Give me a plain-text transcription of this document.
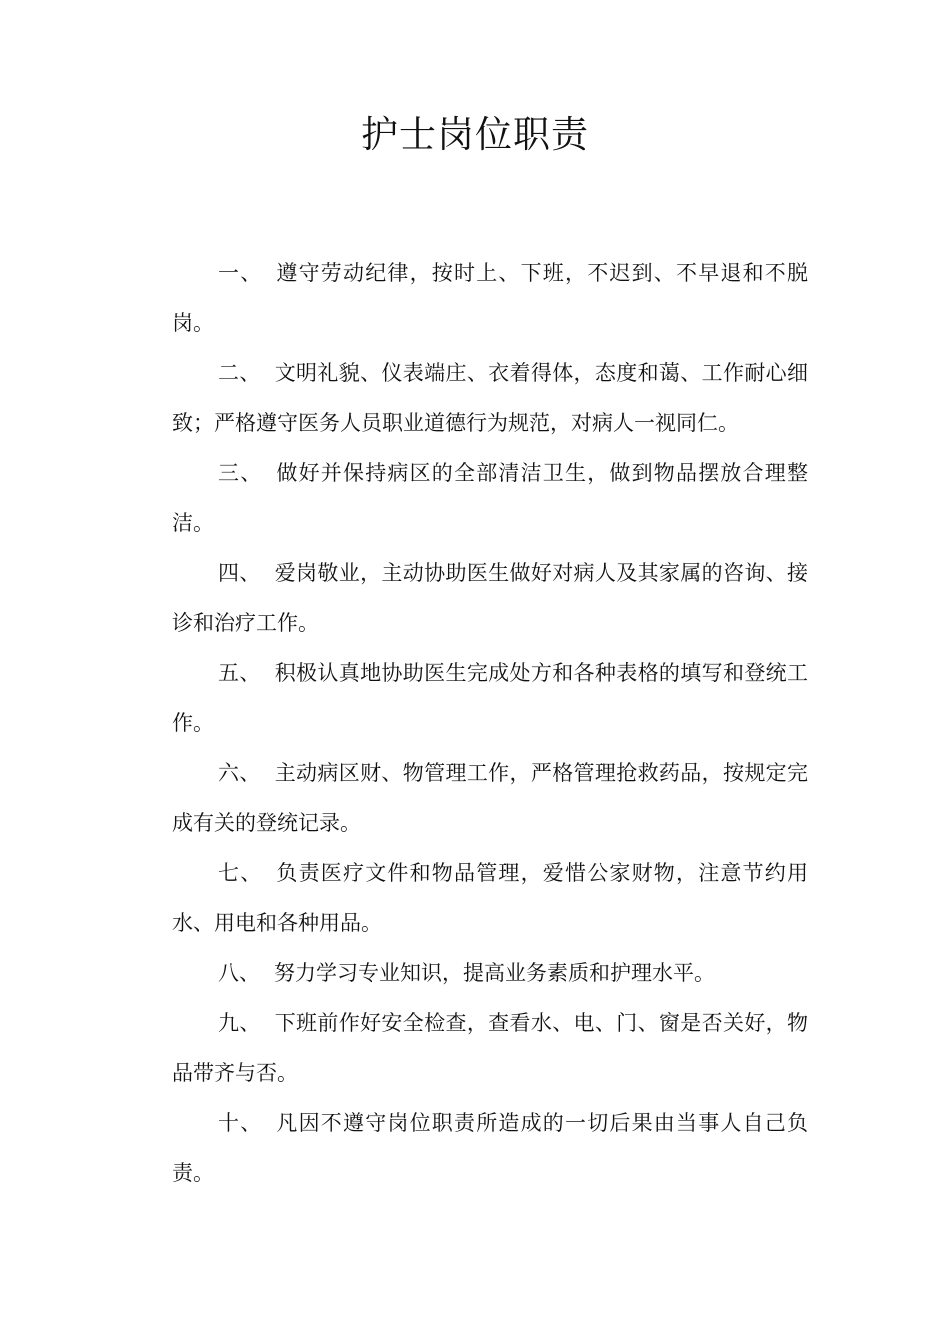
护士岗位职责

一、 遵守劳动纪律，按时上、下班，不迟到、不早退和不脱岗。

二、 文明礼貌、仪表端庄、衣着得体，态度和蔼、工作耐心细致；严格遵守医务人员职业道德行为规范，对病人一视同仁。

三、 做好并保持病区的全部清洁卫生，做到物品摆放合理整洁。

四、 爱岗敬业，主动协助医生做好对病人及其家属的咨询、接诊和治疗工作。

五、 积极认真地协助医生完成处方和各种表格的填写和登统工作。

六、 主动病区财、物管理工作，严格管理抢救药品，按规定完成有关的登统记录。

七、 负责医疗文件和物品管理，爱惜公家财物，注意节约用水、用电和各种用品。

八、 努力学习专业知识，提高业务素质和护理水平。

九、 下班前作好安全检查，查看水、电、门、窗是否关好，物品带齐与否。

十、 凡因不遵守岗位职责所造成的一切后果由当事人自己负责。
